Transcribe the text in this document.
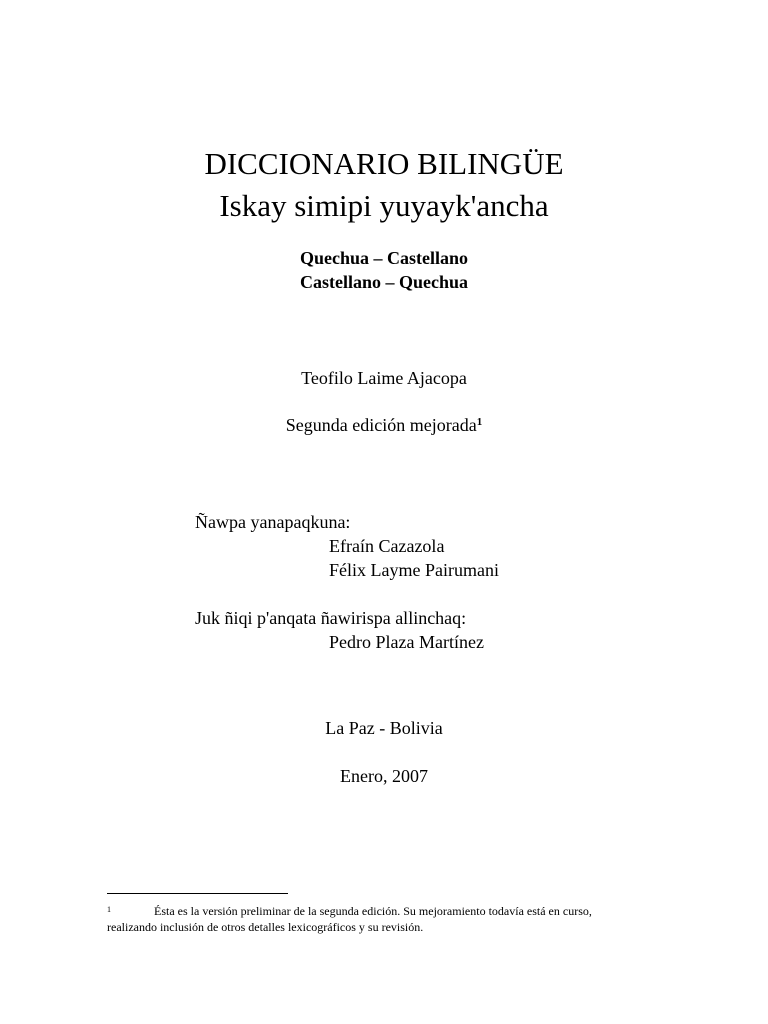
DICCIONARIO BILINGÜE
Iskay simipi yuyayk'ancha
Quechua – Castellano
Castellano – Quechua
Teofilo Laime Ajacopa
Segunda edición mejorada$^1$
Ñawpa yanapaqkuna:
Efraín Cazazola
Félix Layme Pairumani
Juk ñiqi p'anqata ñawirispa allinchaq:
Pedro Plaza Martínez
La Paz - Bolivia
Enero, 2007
$^1$	Ésta es la versión preliminar de la segunda edición. Su mejoramiento todavía está en curso,
realizando inclusión de otros detalles lexicográficos y su revisión.
